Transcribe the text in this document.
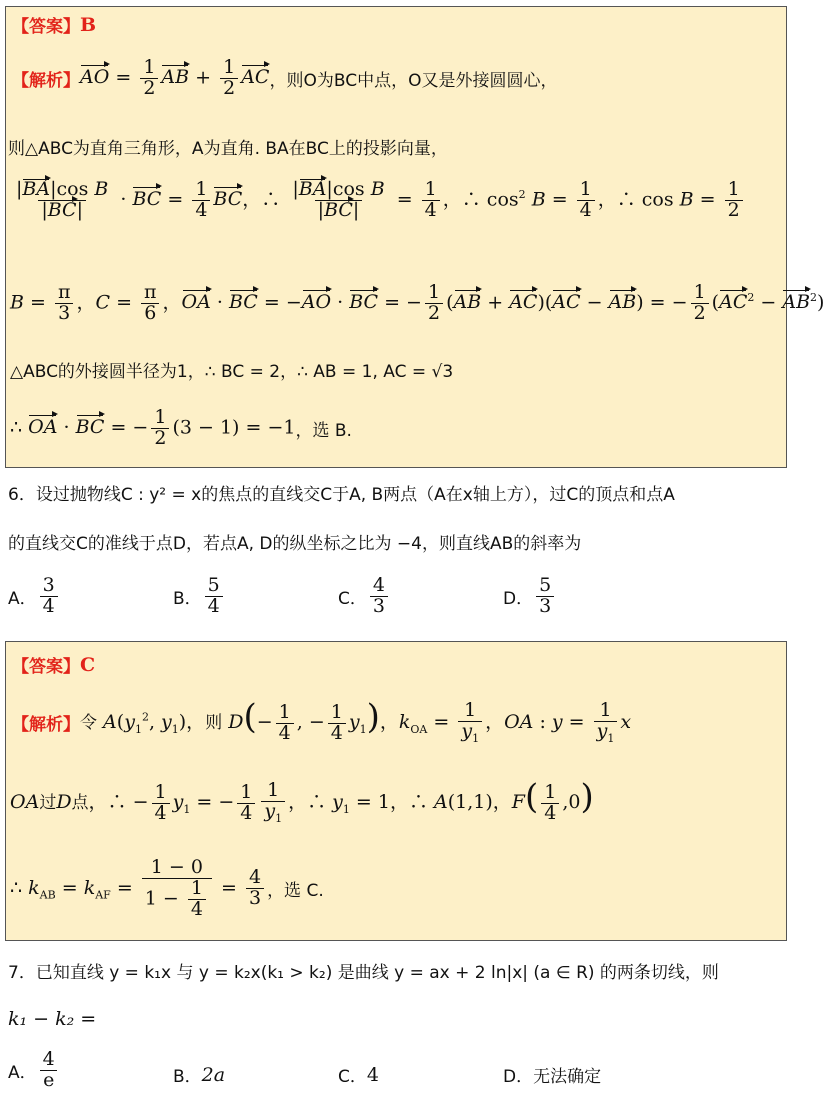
【答案】 B
【解析】 AO = $\frac{1}{2}$ AB + $\frac{1}{2}$ AC ，则O为BC中点，O又是外接圆圆心，
则△ABC为直角三角形，A为直角. BA在BC上的投影向量，
$\frac{\text{|BA|cos B}}{|BC|}$ · BC = $\frac{1}{4}$ BC，∴ $\frac{\text{|BA|cos B}}{|BC|} = \frac{1}{4}$ ，∴ $\cos^2 B = \frac{1}{4}$ ，∴ $\cos B = \frac{1}{2}$
$B = \frac{\pi}{3}$ ，$C = \frac{\pi}{6}$ ，OA · BC = −AO · BC = − $\frac{1}{2} (AB + AC)(AC - AB)$ = − $\frac{1}{2} (AC^2 - AB^2)$
△ABC的外接圆半径为1，∴ BC = 2，∴ AB = 1, AC = √3
∴ OA · BC = − $\frac{1}{2} (3 - 1) = -1$ ，选 B.
6．设过抛物线C : y² = x的焦点的直线交C于A, B两点（A在x轴上方），过C的顶点和点A
的直线交C的准线于点D，若点A, D的纵坐标之比为 −4，则直线AB的斜率为
A． $\frac{3}{4}$	B． $\frac{5}{4}$	C． $\frac{4}{3}$	D． $\frac{5}{3}$
【答案】 C
【解析】 令 $A(y_1^2$, $y_1$)，则 $D(- \frac{1}{4}$ , − $\frac{1}{4} y_1$)，$k_{OA} = \frac{1}{y_1}$ ，OA : $y = \frac{1}{y_1}$ x
OA过D点，∴ − $\frac{1}{4} y_1$ = − $\frac{1}{4} \frac{1}{y_1}$ ，∴ $y_1 = 1$，∴ A(1,1)，$F( \frac{1}{4} ,0)$
∴ $k_{AB} = k_{AF} = \frac{1 - 0}{1 - \frac{1}{4}} = \frac{4}{3}$ ，选 C.
7．已知直线 y = k₁x 与 y = k₂x(k₁ > k₂) 是曲线 y = ax + 2 ln|x| (a ∈ R) 的两条切线，则
k₁ − k₂ =
A． $\frac{4}{e}$	B． 2a	C． 4	D． 无法确定
